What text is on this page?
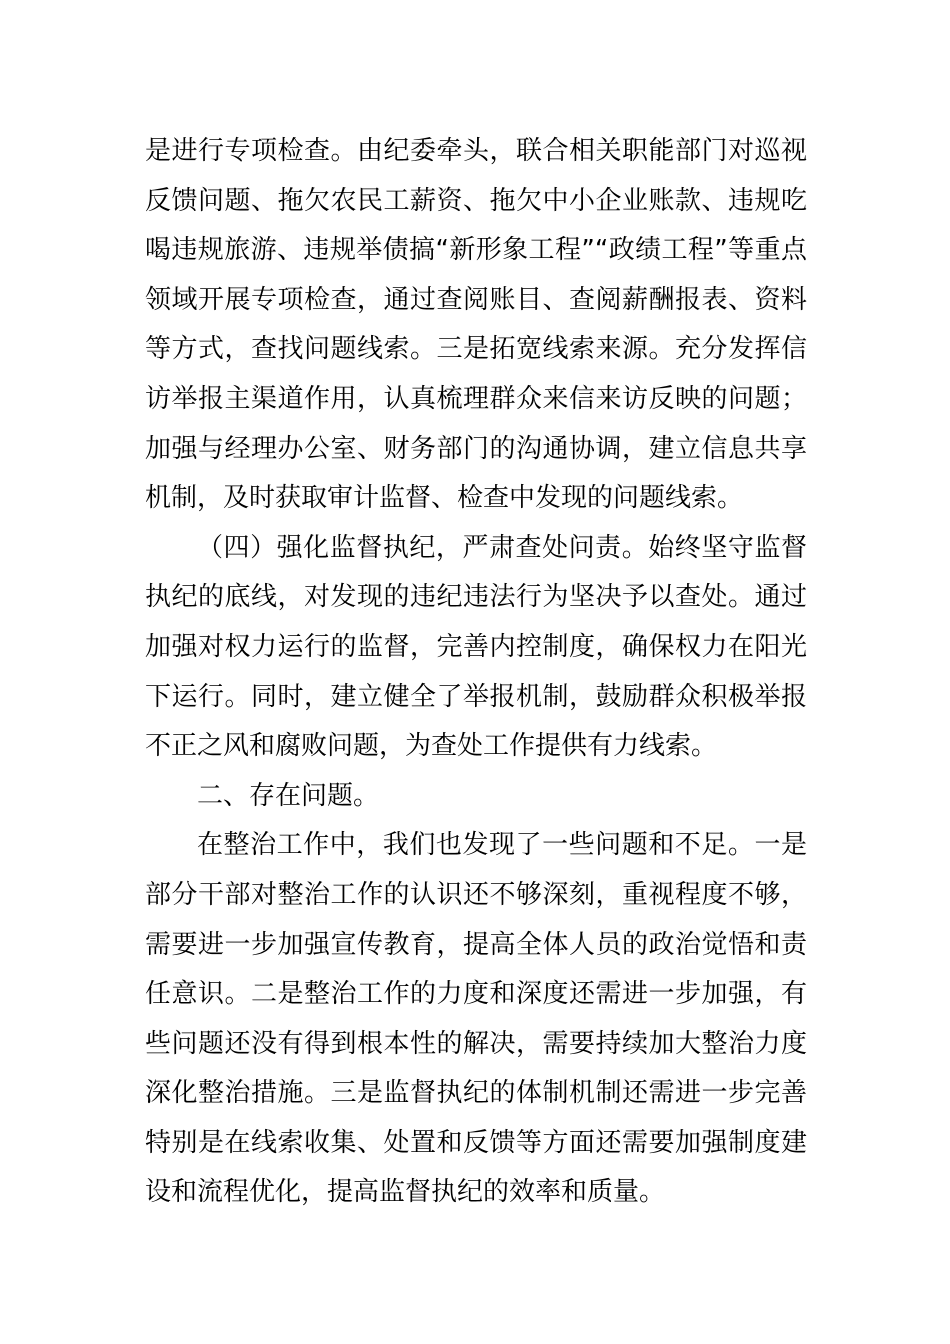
是进行专项检查。由纪委牵头，联合相关职能部门对巡视反馈问题、拖欠农民工薪资、拖欠中小企业账款、违规吃喝违规旅游、违规举债搞“新形象工程”“政绩工程”等重点领域开展专项检查，通过查阅账目、查阅薪酬报表、资料等方式，查找问题线索。三是拓宽线索来源。充分发挥信访举报主渠道作用，认真梳理群众来信来访反映的问题；加强与经理办公室、财务部门的沟通协调，建立信息共享机制，及时获取审计监督、检查中发现的问题线索。

（四）强化监督执纪，严肃查处问责。始终坚守监督执纪的底线，对发现的违纪违法行为坚决予以查处。通过加强对权力运行的监督，完善内控制度，确保权力在阳光下运行。同时，建立健全了举报机制，鼓励群众积极举报不正之风和腐败问题，为查处工作提供有力线索。

二、存在问题。

在整治工作中，我们也发现了一些问题和不足。一是部分干部对整治工作的认识还不够深刻，重视程度不够，需要进一步加强宣传教育，提高全体人员的政治觉悟和责任意识。二是整治工作的力度和深度还需进一步加强，有些问题还没有得到根本性的解决，需要持续加大整治力度深化整治措施。三是监督执纪的体制机制还需进一步完善特别是在线索收集、处置和反馈等方面还需要加强制度建设和流程优化，提高监督执纪的效率和质量。
